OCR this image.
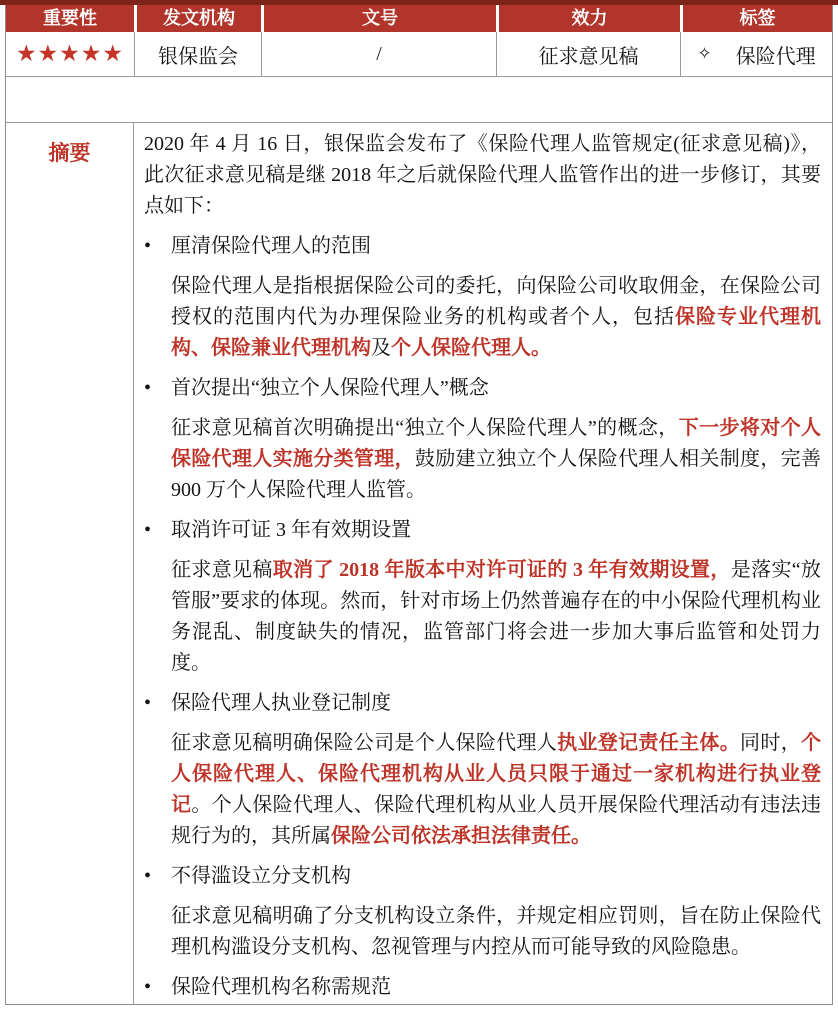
重要性	发文机构	文号	效力	标签
★★★★★	银保监会	/	征求意见稿	✧ 保险代理
摘要	2020 年 4 月 16 日，银保监会发布了《保险代理人监管规定(征求意见稿)》，此次征求意见稿是继 2018 年之后就保险代理人监管作出的进一步修订，其要点如下：

• 厘清保险代理人的范围

保险代理人是指根据保险公司的委托，向保险公司收取佣金，在保险公司授权的范围内代为办理保险业务的机构或者个人，包括保险专业代理机构、保险兼业代理机构及个人保险代理人。

• 首次提出“独立个人保险代理人”概念

征求意见稿首次明确提出“独立个人保险代理人”的概念，下一步将对个人保险代理人实施分类管理，鼓励建立独立个人保险代理人相关制度，完善 900 万个人保险代理人监管。

• 取消许可证 3 年有效期设置

征求意见稿取消了 2018 年版本中对许可证的 3 年有效期设置，是落实“放管服”要求的体现。然而，针对市场上仍然普遍存在的中小保险代理机构业务混乱、制度缺失的情况，监管部门将会进一步加大事后监管和处罚力度。

• 保险代理人执业登记制度

征求意见稿明确保险公司是个人保险代理人执业登记责任主体。同时，个人保险代理人、保险代理机构从业人员只限于通过一家机构进行执业登记。个人保险代理人、保险代理机构从业人员开展保险代理活动有违法违规行为的，其所属保险公司依法承担法律责任。

• 不得滥设立分支机构

征求意见稿明确了分支机构设立条件，并规定相应罚则，旨在防止保险代理机构滥设分支机构、忽视管理与内控从而可能导致的风险隐患。

• 保险代理机构名称需规范
